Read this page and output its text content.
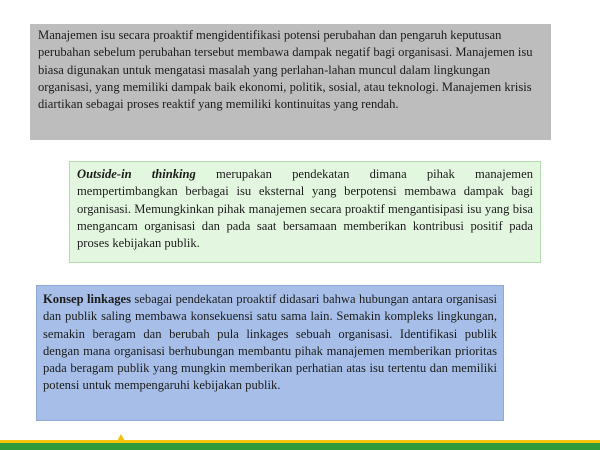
Manajemen isu secara proaktif mengidentifikasi potensi perubahan dan pengaruh keputusan perubahan sebelum perubahan tersebut membawa dampak negatif bagi organisasi. Manajemen isu biasa digunakan untuk mengatasi masalah yang perlahan-lahan muncul dalam lingkungan organisasi, yang memiliki dampak baik ekonomi, politik, sosial, atau teknologi. Manajemen krisis diartikan sebagai proses reaktif yang memiliki kontinuitas yang rendah.

Outside-in thinking merupakan pendekatan dimana pihak manajemen mempertimbangkan berbagai isu eksternal yang berpotensi membawa dampak bagi organisasi. Memungkinkan pihak manajemen secara proaktif mengantisipasi isu yang bisa mengancam organisasi dan pada saat bersamaan memberikan kontribusi positif pada proses kebijakan publik.

Konsep linkages sebagai pendekatan proaktif didasari bahwa hubungan antara organisasi dan publik saling membawa konsekuensi satu sama lain. Semakin kompleks lingkungan, semakin beragam dan berubah pula linkages sebuah organisasi. Identifikasi publik dengan mana organisasi berhubungan membantu pihak manajemen memberikan prioritas pada beragam publik yang mungkin memberikan perhatian atas isu tertentu dan memiliki potensi untuk mempengaruhi kebijakan publik.
